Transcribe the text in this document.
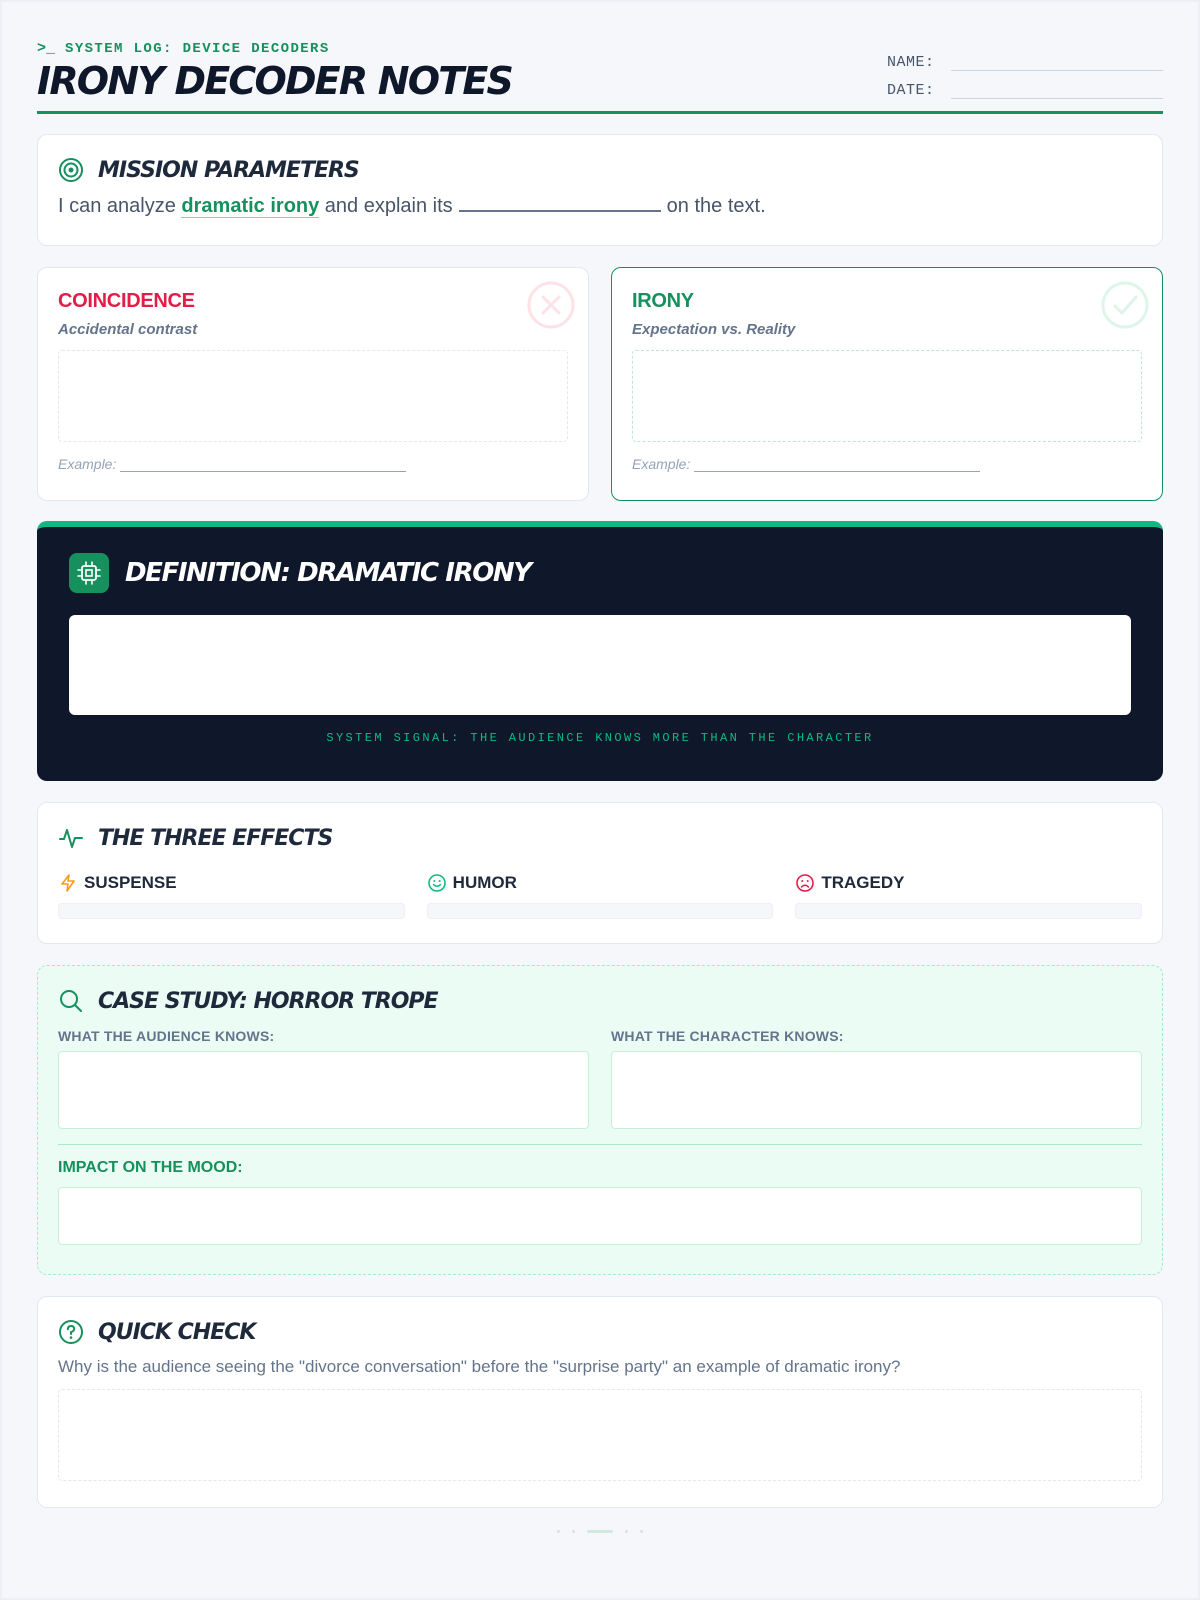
>_ SYSTEM LOG: DEVICE DECODERS
IRONY DECODER NOTES	NAME:
DATE:
MISSION PARAMETERS
I can analyze dramatic irony and explain its	on the text.
COINCIDENCE
Accidental contrast
Example:
IRONY
Expectation vs. Reality
Example:
DEFINITION: DRAMATIC IRONY
SYSTEM SIGNAL: THE AUDIENCE KNOWS MORE THAN THE CHARACTER
THE THREE EFFECTS
SUSPENSE	HUMOR	TRAGEDY
CASE STUDY: HORROR TROPE
WHAT THE AUDIENCE KNOWS:	WHAT THE CHARACTER KNOWS:
IMPACT ON THE MOOD:
QUICK CHECK
Why is the audience seeing the "divorce conversation" before the "surprise party" an example of dramatic irony?
